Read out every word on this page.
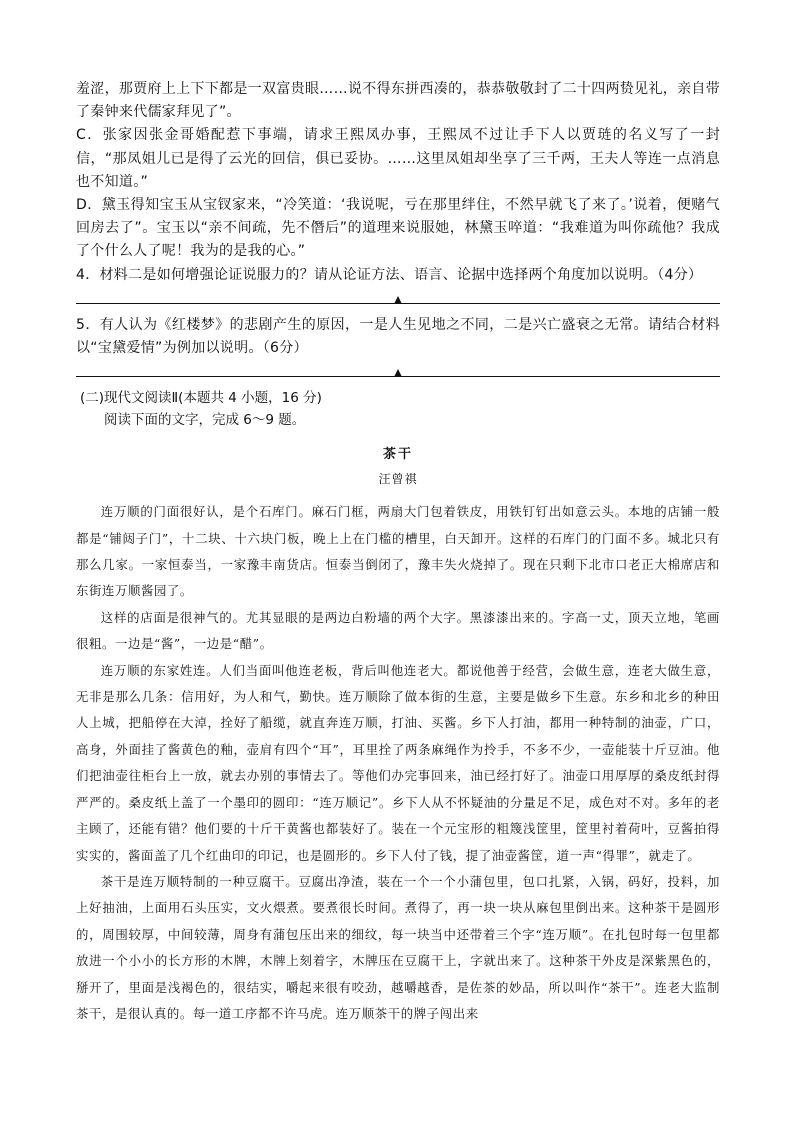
羞涩，那贾府上上下下都是一双富贵眼……说不得东拼西凑的，恭恭敬敬封了二十四两贽见礼，亲自带了秦钟来代儒家拜见了”。

C．张家因张金哥婚配惹下事端，请求王熙凤办事，王熙凤不过让手下人以贾琏的名义写了一封信，“那凤姐儿已是得了云光的回信，俱已妥协。……这里凤姐却坐享了三千两，王夫人等连一点消息也不知道。”

D．黛玉得知宝玉从宝钗家来，“冷笑道：‘我说呢，亏在那里绊住，不然早就飞了来了。’说着，便赌气回房去了”。宝玉以“亲不间疏，先不僭后”的道理来说服她，林黛玉啐道：“我难道为叫你疏他？我成了个什么人了呢！我为的是我的心。”

4．材料二是如何增强论证说服力的？请从论证方法、语言、论据中选择两个角度加以说明。（4分）

5．有人认为《红楼梦》的悲剧产生的原因，一是人生见地之不同，二是兴亡盛衰之无常。请结合材料以“宝黛爱情”为例加以说明。（6分）

(二)现代文阅读Ⅱ(本题共 4 小题，16 分)
阅读下面的文字，完成 6～9 题。
茶干
汪曾祺

连万顺的门面很好认，是个石库门。麻石门框，两扇大门包着铁皮，用铁钉钉出如意云头。本地的店铺一般都是“铺闼子门”，十二块、十六块门板，晚上上在门槛的槽里，白天卸开。这样的石库门的门面不多。城北只有那么几家。一家恒泰当，一家豫丰南货店。恒泰当倒闭了，豫丰失火烧掉了。现在只剩下北市口老正大棉席店和东街连万顺酱园了。

这样的店面是很神气的。尤其显眼的是两边白粉墙的两个大字。黑漆漆出来的。字高一丈，顶天立地，笔画很粗。一边是“酱”，一边是“醋”。

连万顺的东家姓连。人们当面叫他连老板，背后叫他连老大。都说他善于经营，会做生意，连老大做生意，无非是那么几条：信用好，为人和气，勤快。连万顺除了做本街的生意，主要是做乡下生意。东乡和北乡的种田人上城，把船停在大淖，拴好了船缆，就直奔连万顺，打油、买酱。乡下人打油，都用一种特制的油壶，广口，高身，外面挂了酱黄色的釉，壶肩有四个“耳”，耳里拴了两条麻绳作为拎手，不多不少，一壶能装十斤豆油。他们把油壶往柜台上一放，就去办别的事情去了。等他们办完事回来，油已经打好了。油壶口用厚厚的桑皮纸封得严严的。桑皮纸上盖了一个墨印的圆印：“连万顺记”。乡下人从不怀疑油的分量足不足，成色对不对。多年的老主顾了，还能有错？他们要的十斤干黄酱也都装好了。装在一个元宝形的粗篾浅筐里，筐里衬着荷叶，豆酱拍得实实的，酱面盖了几个红曲印的印记，也是圆形的。乡下人付了钱，提了油壶酱筐，道一声“得罪”，就走了。

茶干是连万顺特制的一种豆腐干。豆腐出净渣，装在一个一个小蒲包里，包口扎紧，入锅，码好，投料，加上好抽油，上面用石头压实，文火煨煮。要煮很长时间。煮得了，再一块一块从麻包里倒出来。这种茶干是圆形的，周围较厚，中间较薄，周身有蒲包压出来的细纹，每一块当中还带着三个字“连万顺”。在扎包时每一包里都放进一个小小的长方形的木牌，木牌上刻着字，木牌压在豆腐干上，字就出来了。这种茶干外皮是深紫黑色的，掰开了，里面是浅褐色的，很结实，嚼起来很有咬劲，越嚼越香，是佐茶的妙品，所以叫作“茶干”。连老大监制茶干，是很认真的。每一道工序都不许马虎。连万顺茶干的牌子闯出来
